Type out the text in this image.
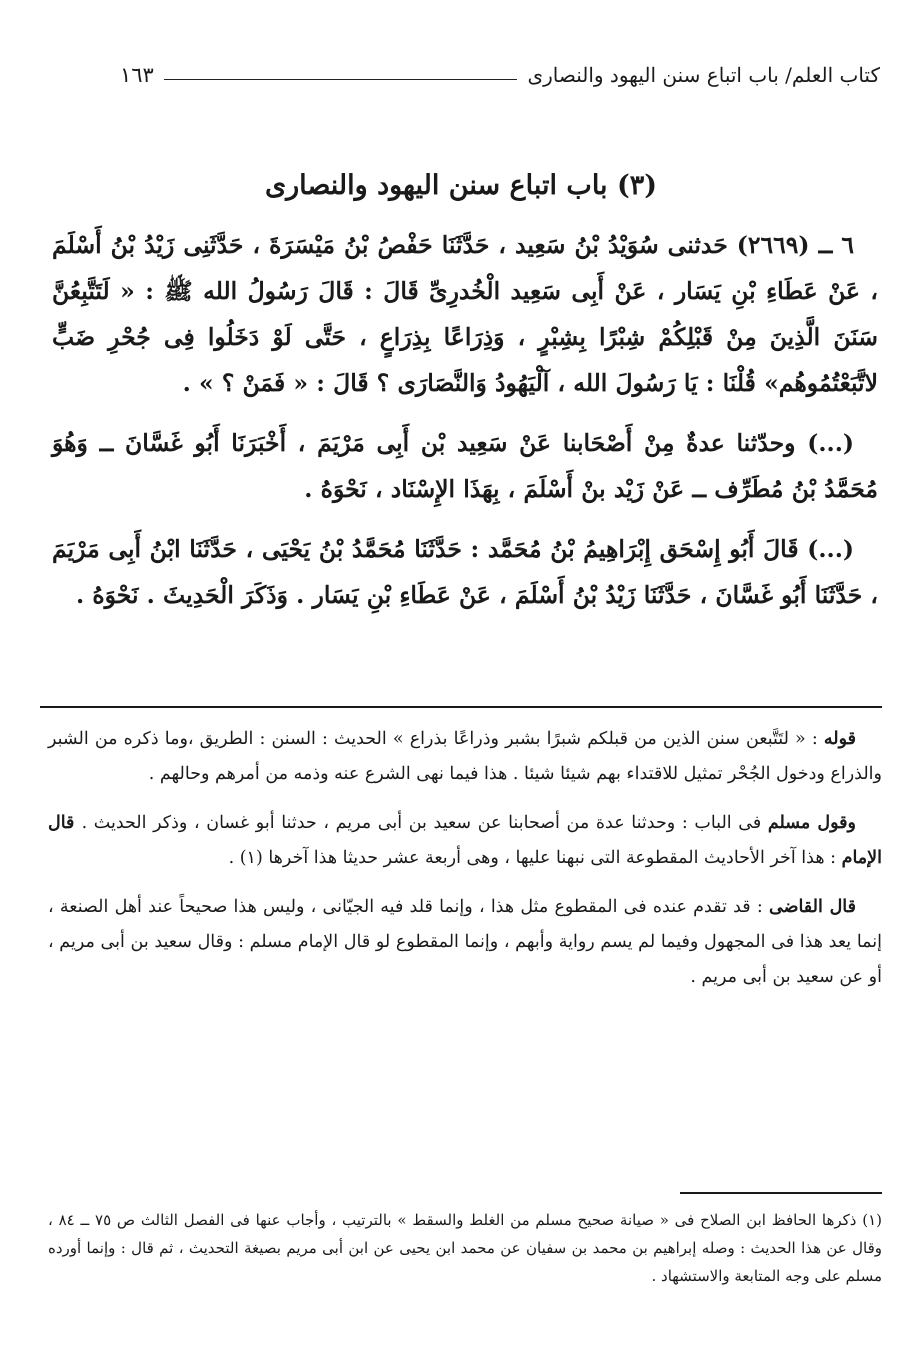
كتاب العلم/ باب اتباع سنن اليهود والنصارى
١٦٣
(٣) باب اتباع سنن اليهود والنصارى

٦ ــ (٢٦٦٩) حَدثنى سُوَيْدُ بْنُ سَعِيد ، حَدَّثَنَا حَفْصُ بْنُ مَيْسَرَةَ ، حَدَّثَنِى زَيْدُ بْنُ أَسْلَمَ ، عَنْ عَطَاءِ بْنِ يَسَار ، عَنْ أَبِى سَعِيد الْخُدرِىِّ قَالَ : قَالَ رَسُولُ الله ﷺ : « لَتَتَّبِعُنَّ سَنَنَ الَّذِينَ مِنْ قَبْلِكُمْ شِبْرًا بِشِبْرٍ ، وَذِرَاعًا بِذِرَاعٍ ، حَتَّى لَوْ دَخَلُوا فِى جُحْرِ ضَبٍّ لاتَّبَعْتُمُوهُم» قُلْنَا : يَا رَسُولَ الله ، آلْيَهُودُ وَالنَّصَارَى ؟ قَالَ : « فَمَنْ ؟ » .

(...) وحدّثنا عدةٌ مِنْ أَصْحَابنا عَنْ سَعِيد بْن أَبِى مَرْيَمَ ، أَخْبَرَنَا أَبُو غَسَّانَ ــ وَهُوَ مُحَمَّدُ بْنُ مُطَرِّف ــ عَنْ زَيْد بنْ أَسْلَمَ ، بِهَذَا الإِسْنَاد ، نَحْوَهُ .

(...) قَالَ أَبُو إِسْحَق إِبْرَاهِيمُ بْنُ مُحَمَّد : حَدَّثَنَا مُحَمَّدُ بْنُ يَحْيَى ، حَدَّثَنَا ابْنُ أَبِى مَرْيَمَ ، حَدَّثَنَا أَبُو غَسَّانَ ، حَدَّثَنَا زَيْدُ بْنُ أَسْلَمَ ، عَنْ عَطَاءِ بْنِ يَسَار . وَذَكَرَ الْحَدِيثَ . نَحْوَهُ .

قوله : « لتَتَّبعن سنن الذين من قبلكم شبرًا بشبر وذراعًا بذراع » الحديث : السنن : الطريق ،وما ذكره من الشبر والذراع ودخول الجُحْر تمثيل للاقتداء بهم شيئا شيئا . هذا فيما نهى الشرع عنه وذمه من أمرهم وحالهم .

وقول مسلم فى الباب : وحدثنا عدة من أصحابنا عن سعيد بن أبى مريم ، حدثنا أبو غسان ، وذكر الحديث . قال الإمام : هذا آخر الأحاديث المقطوعة التى نبهنا عليها ، وهى أربعة عشر حديثا هذا آخرها (١) .

قال القاضى : قد تقدم عنده فى المقطوع مثل هذا ، وإنما قلد فيه الجيّانى ، وليس هذا صحيحاً عند أهل الصنعة ، إنما يعد هذا فى المجهول وفيما لم يسم رواية وأبهم ، وإنما المقطوع لو قال الإمام مسلم : وقال سعيد بن أبى مريم ، أو عن سعيد بن أبى مريم .

(١) ذكرها الحافظ ابن الصلاح فى « صيانة صحيح مسلم من الغلط والسقط » بالترتيب ، وأجاب عنها فى الفصل الثالث ص ٧٥ ــ ٨٤ ، وقال عن هذا الحديث : وصله إبراهيم بن محمد بن سفيان عن محمد ابن يحيى عن ابن أبى مريم بصيغة التحديث ، ثم قال : وإنما أورده مسلم على وجه المتابعة والاستشهاد .
